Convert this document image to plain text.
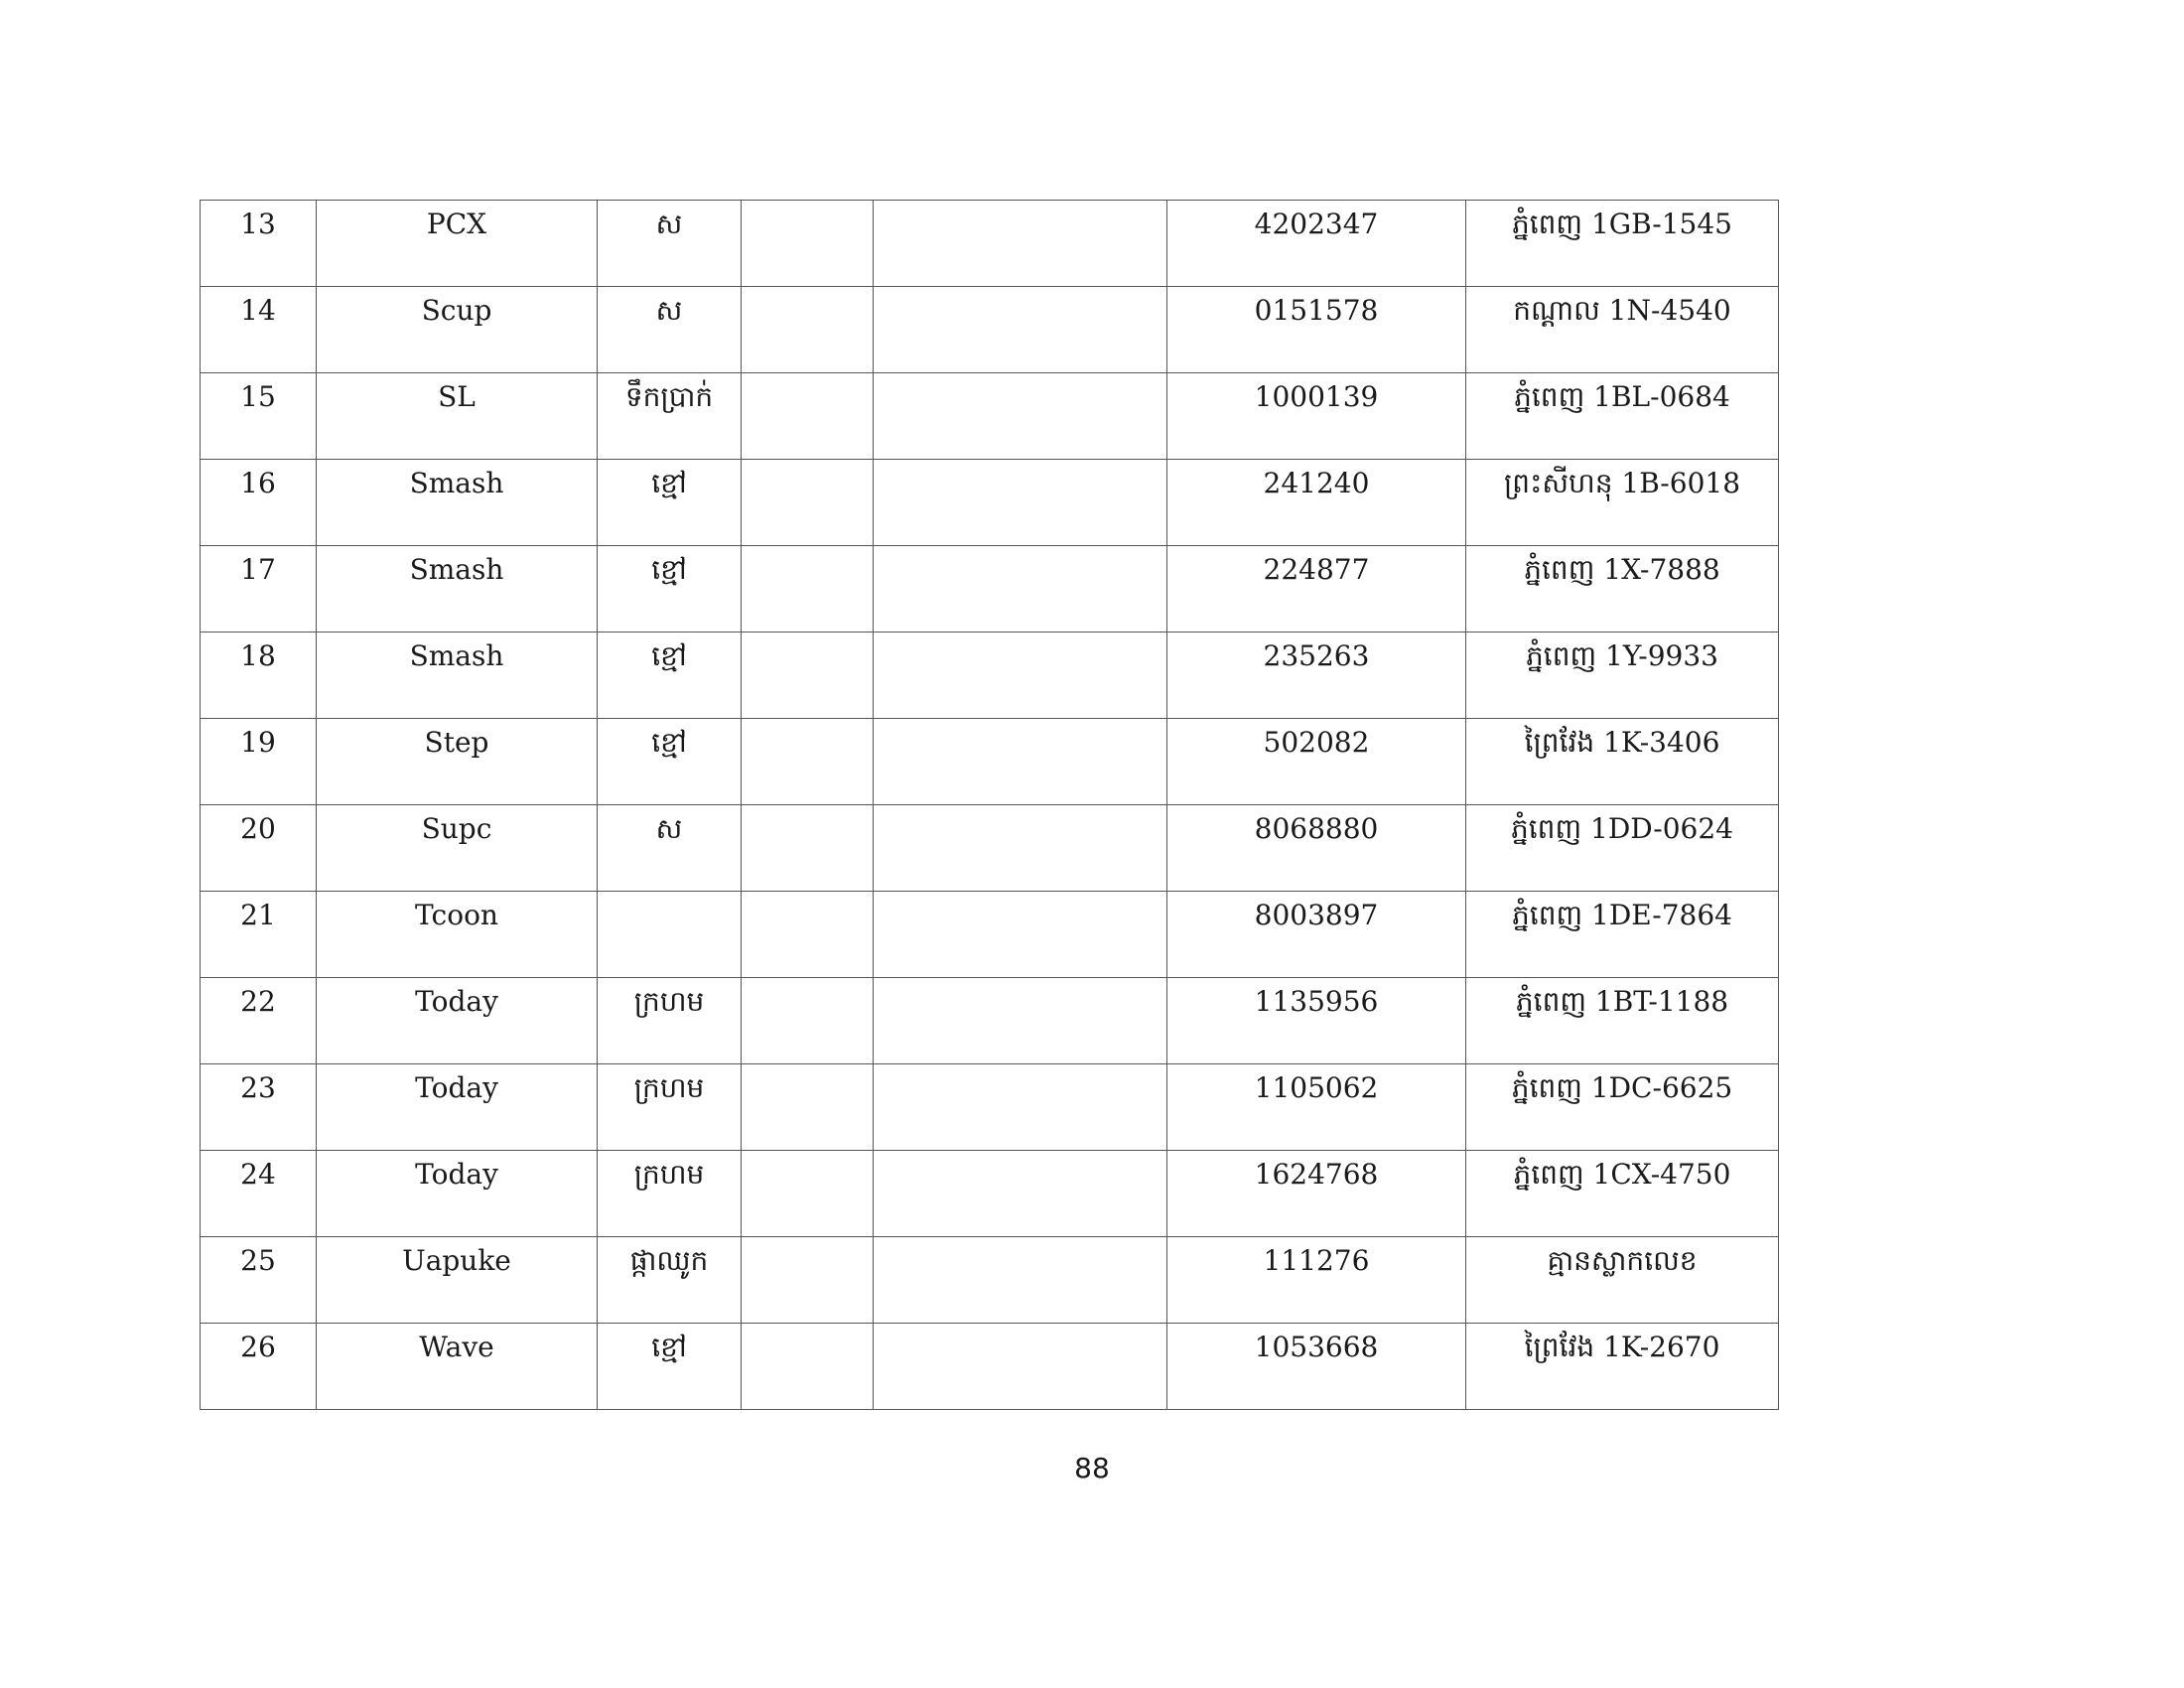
13	PCX	ស			4202347	ភ្នំពេញ 1GB-1545
14	Scup	ស			0151578	កណ្តាល 1N-4540
15	SL	ទឹកប្រាក់			1000139	ភ្នំពេញ 1BL-0684
16	Smash	ខ្មៅ			241240	ព្រះសីហនុ 1B-6018
17	Smash	ខ្មៅ			224877	ភ្នំពេញ 1X-7888
18	Smash	ខ្មៅ			235263	ភ្នំពេញ 1Y-9933
19	Step	ខ្មៅ			502082	ព្រៃវែង 1K-3406
20	Supc	ស			8068880	ភ្នំពេញ 1DD-0624
21	Tcoon				8003897	ភ្នំពេញ 1DE-7864
22	Today	ក្រហម			1135956	ភ្នំពេញ 1BT-1188
23	Today	ក្រហម			1105062	ភ្នំពេញ 1DC-6625
24	Today	ក្រហម			1624768	ភ្នំពេញ 1CX-4750
25	Uapuke	ផ្កាឈូក			111276	គ្មានស្លាកលេខ
26	Wave	ខ្មៅ			1053668	ព្រៃវែង 1K-2670
88
